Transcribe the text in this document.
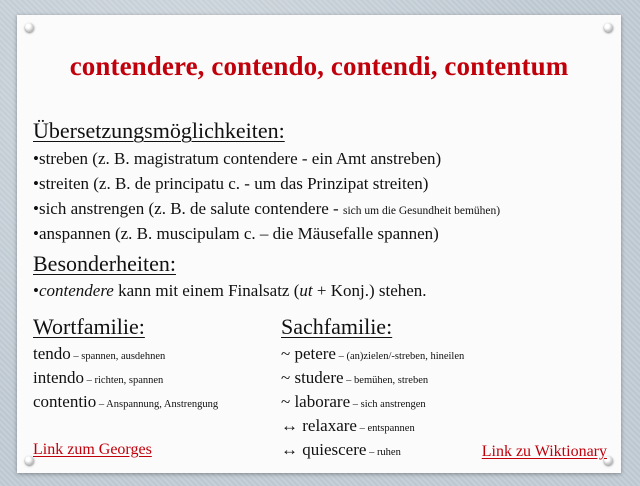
contendere, contendo, contendi, contentum
Übersetzungsmöglichkeiten:
•streben (z. B. magistratum contendere - ein Amt anstreben)
•streiten (z. B. de principatu c. - um das Prinzipat streiten)
•sich anstrengen (z. B. de salute contendere - sich um die Gesundheit bemühen)
•anspannen (z. B. muscipulam c. – die Mäusefalle spannen)
Besonderheiten:
•contendere kann mit einem Finalsatz (ut + Konj.) stehen.
Wortfamilie:
tendo – spannen, ausdehnen
intendo – richten, spannen
contentio – Anspannung, Anstrengung
Sachfamilie:
~ petere – (an)zielen/-streben, hineilen
~ studere – bemühen, streben
~ laborare – sich anstrengen
↔ relaxare – entspannen
↔ quiescere – ruhen
Link zum Georges	Link zu Wiktionary
